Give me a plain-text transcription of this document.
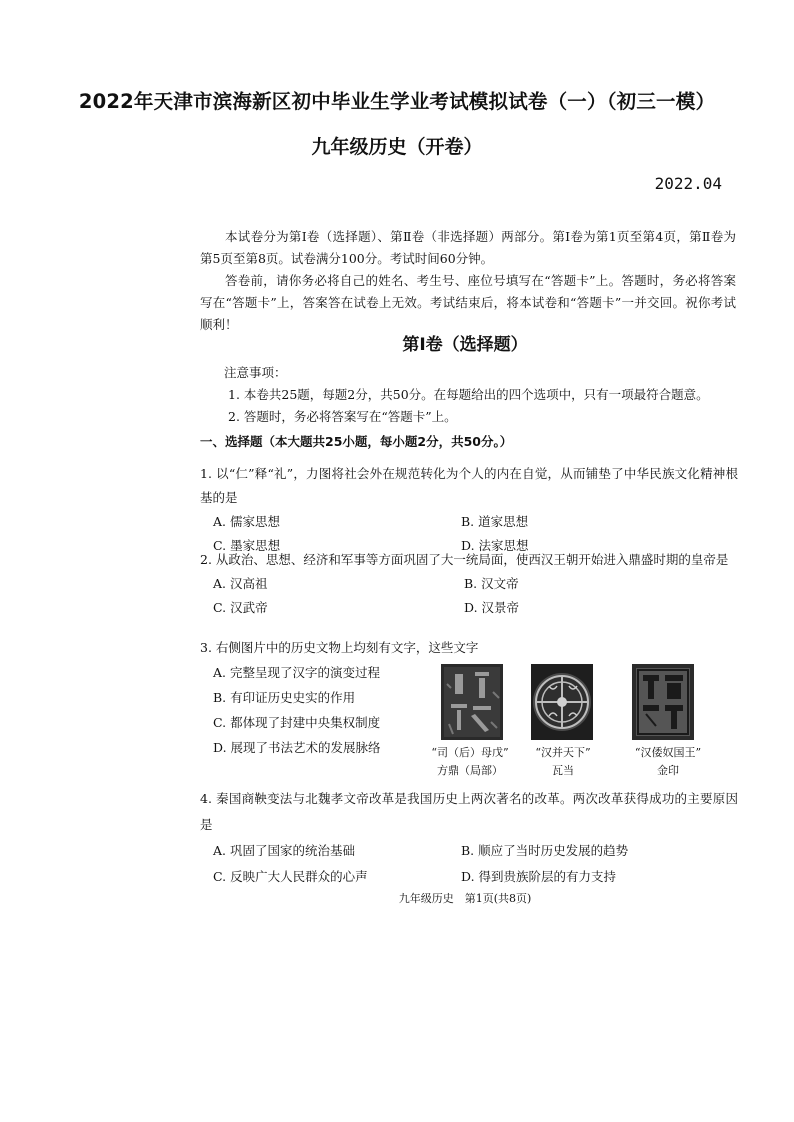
2022年天津市滨海新区初中毕业生学业考试模拟试卷（一）（初三一模）
九年级历史（开卷）
2022.04

本试卷分为第Ⅰ卷（选择题）、第Ⅱ卷（非选择题）两部分。第Ⅰ卷为第1页至第4页，第Ⅱ卷为第5页至第8页。试卷满分100分。考试时间60分钟。

答卷前，请你务必将自己的姓名、考生号、座位号填写在“答题卡”上。答题时，务必将答案写在“答题卡”上，答案答在试卷上无效。考试结束后，将本试卷和“答题卡”一并交回。祝你考试顺利！

第Ⅰ卷（选择题）
注意事项：
1. 本卷共25题，每题2分，共50分。在每题给出的四个选项中，只有一项最符合题意。
2. 答题时，务必将答案写在“答题卡”上。
一、选择题（本大题共25小题，每小题2分，共50分。）
1. 以“仁”释“礼”，力图将社会外在规范转化为个人的内在自觉，从而铺垫了中华民族文化精神根基的是
A. 儒家思想	B. 道家思想
C. 墨家思想	D. 法家思想
2. 从政治、思想、经济和军事等方面巩固了大一统局面，使西汉王朝开始进入鼎盛时期的皇帝是
A. 汉高祖	B. 汉文帝
C. 汉武帝	D. 汉景帝
3. 右侧图片中的历史文物上均刻有文字，这些文字
A. 完整呈现了汉字的演变过程
B. 有印证历史史实的作用
C. 都体现了封建中央集权制度
D. 展现了书法艺术的发展脉络	“司（后）母戊”
方鼎（局部）
“汉并天下”
瓦当
“汉倭奴国王”
金印
4. 秦国商鞅变法与北魏孝文帝改革是我国历史上两次著名的改革。两次改革获得成功的主要原因是
A. 巩固了国家的统治基础	B. 顺应了当时历史发展的趋势
C. 反映广大人民群众的心声	D. 得到贵族阶层的有力支持
九年级历史　第1页(共8页)
